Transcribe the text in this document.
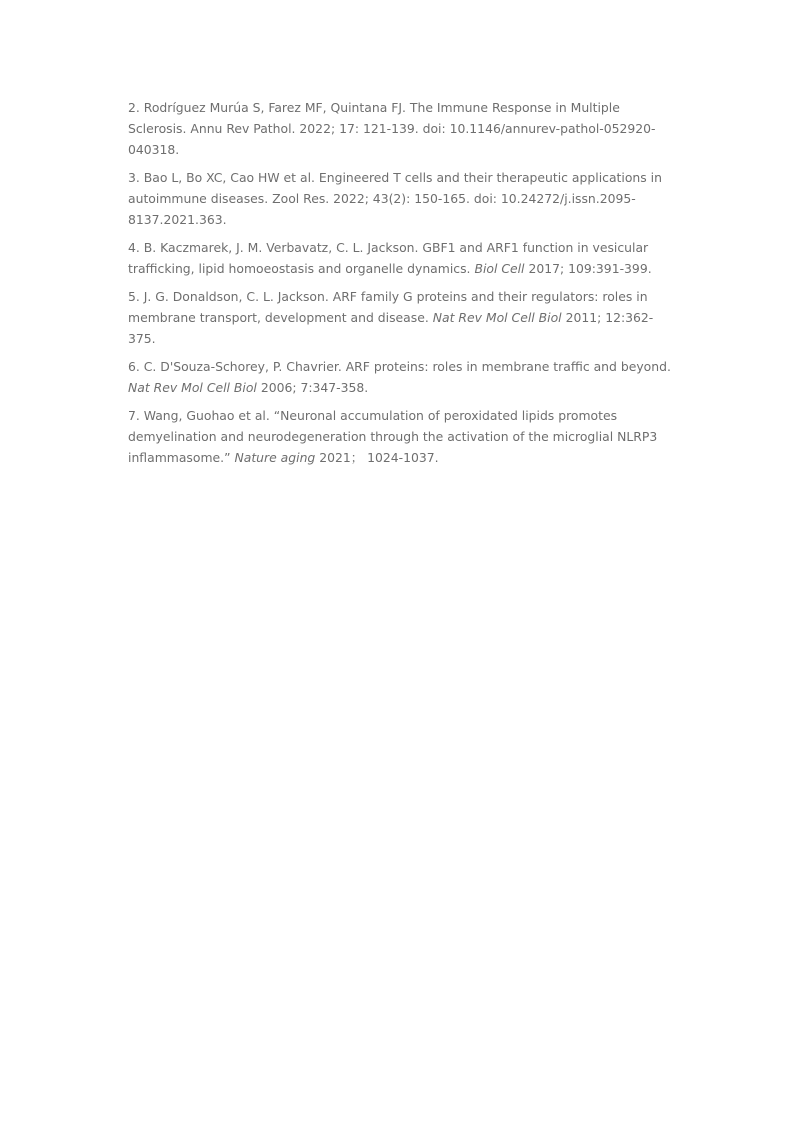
2. Rodríguez Murúa S, Farez MF, Quintana FJ. The Immune Response in Multiple Sclerosis. Annu Rev Pathol. 2022; 17: 121-139. doi: 10.1146/annurev-pathol-052920-040318.

3. Bao L, Bo XC, Cao HW et al. Engineered T cells and their therapeutic applications in autoimmune diseases. Zool Res. 2022; 43(2): 150-165. doi: 10.24272/j.issn.2095-8137.2021.363.

4. B. Kaczmarek, J. M. Verbavatz, C. L. Jackson. GBF1 and ARF1 function in vesicular trafficking, lipid homoeostasis and organelle dynamics. Biol Cell 2017; 109:391-399.

5. J. G. Donaldson, C. L. Jackson. ARF family G proteins and their regulators: roles in membrane transport, development and disease. Nat Rev Mol Cell Biol 2011; 12:362-375.

6. C. D'Souza-Schorey, P. Chavrier. ARF proteins: roles in membrane traffic and beyond. Nat Rev Mol Cell Biol 2006; 7:347-358.

7. Wang, Guohao et al. “Neuronal accumulation of peroxidated lipids promotes demyelination and neurodegeneration through the activation of the microglial NLRP3 inflammasome.” Nature aging 2021； 1024-1037.
